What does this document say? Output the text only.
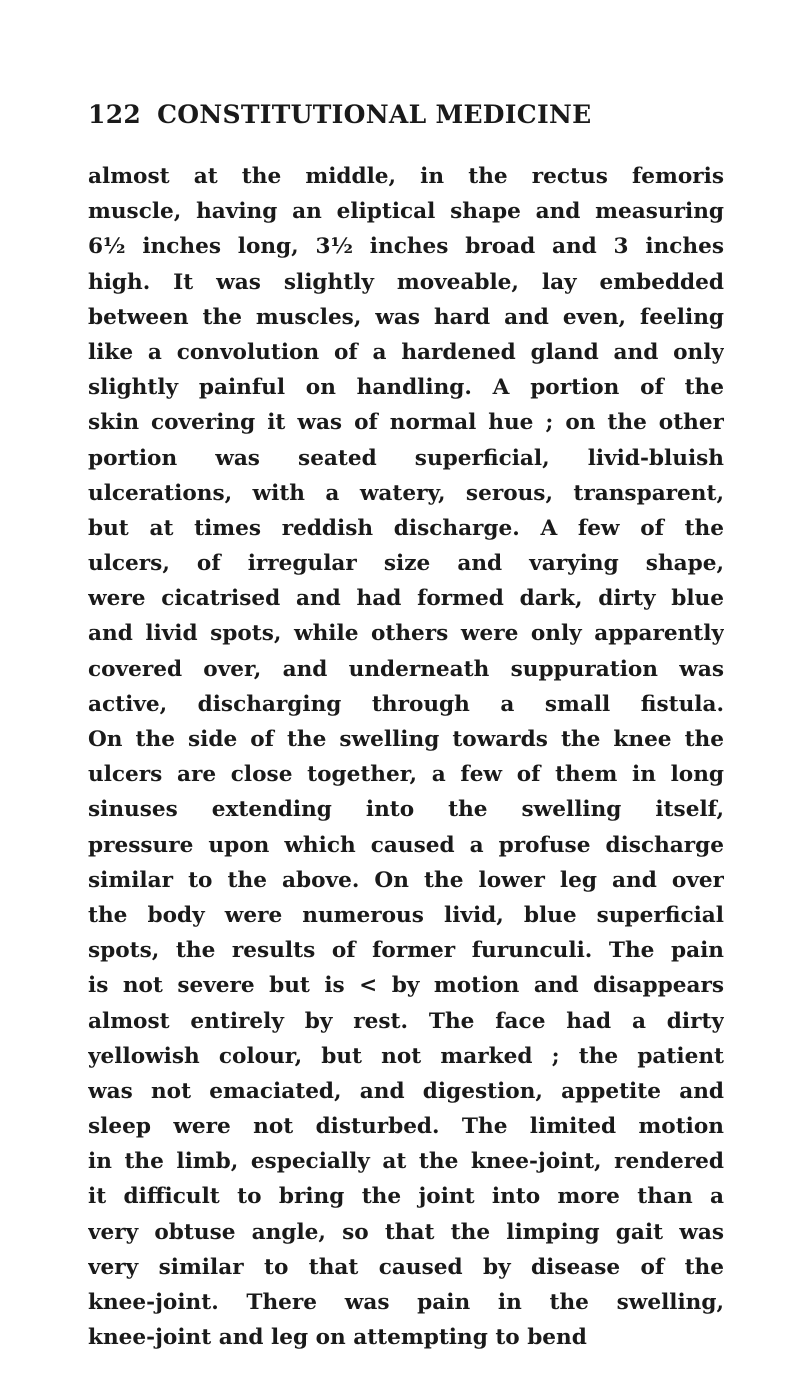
122 CONSTITUTIONAL MEDICINE
almost at the middle, in the rectus femoris
muscle, having an eliptical shape and measuring
6½ inches long, 3½ inches broad and 3 inches
high. It was slightly moveable, lay embedded
between the muscles, was hard and even, feeling
like a convolution of a hardened gland and only
slightly painful on handling. A portion of the
skin covering it was of normal hue ; on the other
portion was seated superficial, livid-bluish
ulcerations, with a watery, serous, transparent,
but at times reddish discharge. A few of the
ulcers, of irregular size and varying shape,
were cicatrised and had formed dark, dirty blue
and livid spots, while others were only apparently
covered over, and underneath suppuration was
active, discharging through a small fistula.
On the side of the swelling towards the knee the
ulcers are close together, a few of them in long
sinuses extending into the swelling itself,
pressure upon which caused a profuse discharge
similar to the above. On the lower leg and over
the body were numerous livid, blue superficial
spots, the results of former furunculi. The pain
is not severe but is < by motion and disappears
almost entirely by rest. The face had a dirty
yellowish colour, but not marked ; the patient
was not emaciated, and digestion, appetite and
sleep were not disturbed. The limited motion
in the limb, especially at the knee-joint, rendered
it difficult to bring the joint into more than a
very obtuse angle, so that the limping gait was
very similar to that caused by disease of the
knee-joint. There was pain in the swelling,
knee-joint and leg on attempting to bend
